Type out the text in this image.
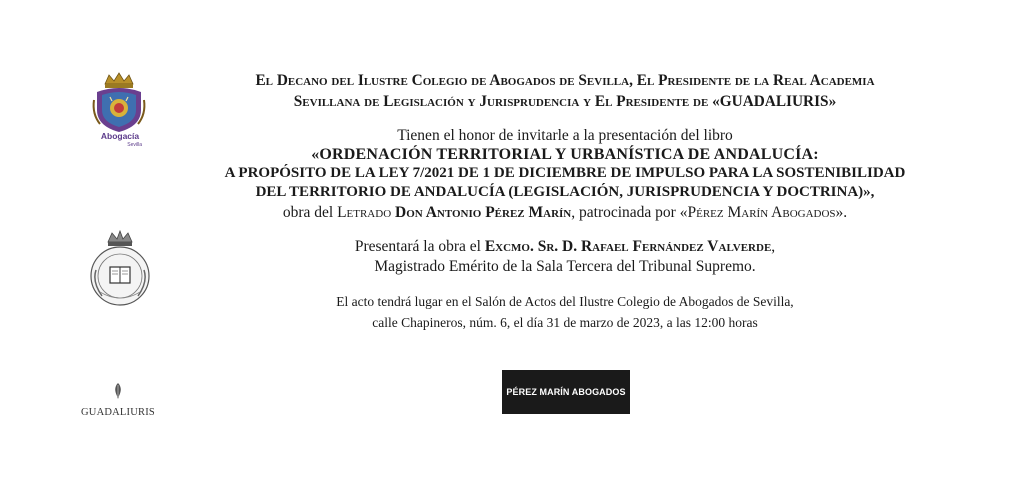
Abogacía
Sevilla
GUADALIURIS
El Decano del Ilustre Colegio de Abogados de Sevilla, El Presidente de la Real Academia
Sevillana de Legislación y Jurisprudencia y El Presidente de «GUADALIURIS»
Tienen el honor de invitarle a la presentación del libro
«ORDENACIÓN TERRITORIAL Y URBANÍSTICA DE ANDALUCÍA:
A PROPÓSITO DE LA LEY 7/2021 DE 1 DE DICIEMBRE DE IMPULSO PARA LA SOSTENIBILIDAD
DEL TERRITORIO DE ANDALUCÍA (LEGISLACIÓN, JURISPRUDENCIA Y DOCTRINA)»,
obra del Letrado Don Antonio Pérez Marín, patrocinada por «Pérez Marín Abogados».
Presentará la obra el Excmo. Sr. D. Rafael Fernández Valverde,
Magistrado Emérito de la Sala Tercera del Tribunal Supremo.
El acto tendrá lugar en el Salón de Actos del Ilustre Colegio de Abogados de Sevilla,
calle Chapineros, núm. 6, el día 31 de marzo de 2023, a las 12:00 horas
PÉREZ MARÍN ABOGADOS
